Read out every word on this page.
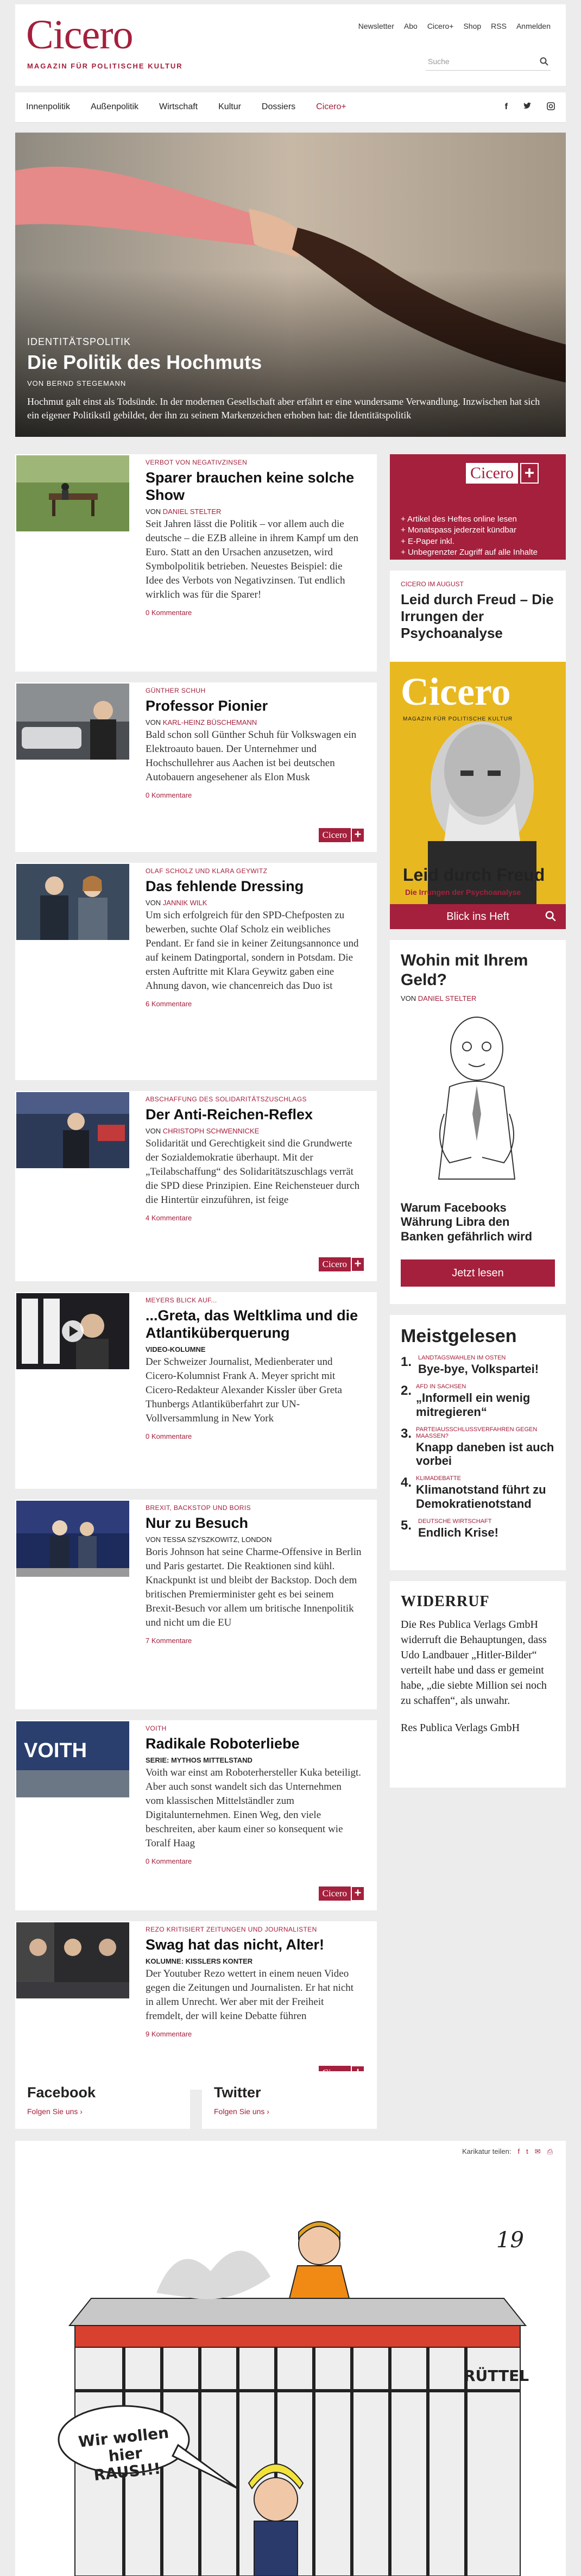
Cicero
MAGAZIN FÜR POLITISCHE KULTUR
Newsletter Abo Cicero+ Shop RSS Anmelden
Suche
Innenpolitik Außenpolitik Wirtschaft Kultur Dossiers Cicero+	f
IDENTITÄTSPOLITIK
Die Politik des Hochmuts
VON BERND STEGEMANN

Hochmut galt einst als Todsünde. In der modernen Gesellschaft aber erfährt er eine wundersame Verwandlung. Inzwischen hat sich ein eigener Politikstil gebildet, der ihn zu seinem Markenzeichen erhoben hat: die Identitätspolitik

VERBOT VON NEGATIVZINSEN
Sparer brauchen keine solche Show
VON DANIEL STELTER
Seit Jahren lässt die Politik – vor allem auch die deutsche – die EZB alleine in ihrem Kampf um den Euro. Statt an den Ursachen anzusetzen, wird Symbolpolitik betrieben. Neuestes Beispiel: die Idee des Verbots von Negativzinsen. Tut endlich wirklich was für die Sparer!
0 Kommentare
GÜNTHER SCHUH
Professor Pionier
VON KARL-HEINZ BÜSCHEMANN
Bald schon soll Günther Schuh für Volkswagen ein Elektroauto bauen. Der Unternehmer und Hochschullehrer aus Aachen ist bei deutschen Autobauern angesehener als Elon Musk
0 Kommentare
Cicero +
OLAF SCHOLZ UND KLARA GEYWITZ
Das fehlende Dressing
VON JANNIK WILK
Um sich erfolgreich für den SPD-Chefposten zu bewerben, suchte Olaf Scholz ein weibliches Pendant. Er fand sie in keiner Zeitungsannonce und auf keinem Datingportal, sondern in Potsdam. Die ersten Auftritte mit Klara Geywitz gaben eine Ahnung davon, wie chancenreich das Duo ist
6 Kommentare
ABSCHAFFUNG DES SOLIDARITÄTSZUSCHLAGS
Der Anti-Reichen-Reflex
VON CHRISTOPH SCHWENNICKE
Solidarität und Gerechtigkeit sind die Grundwerte der Sozialdemokratie überhaupt. Mit der „Teilabschaffung“ des Solidaritätszuschlags verrät die SPD diese Prinzipien. Eine Reichensteuer durch die Hintertür einzuführen, ist feige
4 Kommentare
Cicero +
MEYERS BLICK AUF...
...Greta, das Weltklima und die Atlantiküberquerung
VIDEO-KOLUMNE
Der Schweizer Journalist, Medienberater und Cicero-Kolumnist Frank A. Meyer spricht mit Cicero-Redakteur Alexander Kissler über Greta Thunbergs Atlantiküberfahrt zur UN-Vollversammlung in New York
0 Kommentare
BREXIT, BACKSTOP UND BORIS
Nur zu Besuch
VON TESSA SZYSZKOWITZ, LONDON
Boris Johnson hat seine Charme-Offensive in Berlin und Paris gestartet. Die Reaktionen sind kühl. Knackpunkt ist und bleibt der Backstop. Doch dem britischen Premierminister geht es bei seinem Brexit-Besuch vor allem um britische Innenpolitik und nicht um die EU
7 Kommentare
VOITH
VOITH
Radikale Roboterliebe
SERIE: MYTHOS MITTELSTAND
Voith war einst am Roboterhersteller Kuka beteiligt. Aber auch sonst wandelt sich das Unternehmen vom klassischen Mittelständler zum Digitalunternehmen. Einen Weg, den viele beschreiten, aber kaum einer so konsequent wie Toralf Haag
0 Kommentare
Cicero +
REZO KRITISIERT ZEITUNGEN UND JOURNALISTEN
Swag hat das nicht, Alter!
KOLUMNE: KISSLERS KONTER
Der Youtuber Rezo wettert in einem neuen Video gegen die Zeitungen und Journalisten. Er hat nicht in allem Unrecht. Wer aber mit der Freiheit fremdelt, der will keine Debatte führen
9 Kommentare
Cicero +
+ Artikel des Heftes online lesen
+ Monatspass jederzeit kündbar
+ E-Paper inkl.
+ Unbegrenzter Zugriff auf alle Inhalte
CICERO IM AUGUST
Leid durch Freud – Die Irrungen der Psychoanalyse
Cicero
MAGAZIN FÜR POLITISCHE KULTUR
Leid durch Freud
Die Irrungen der Psychoanalyse
Blick ins Heft
Wohin mit Ihrem Geld?
VON DANIEL STELTER
Warum Facebooks Währung Libra den Banken gefährlich wird
Jetzt lesen
Meistgelesen
1.	LANDTAGSWAHLEN IM OSTEN
Bye-bye, Volkspartei!
2. AFD IN SACHSEN
„Informell ein wenig mitregieren“
3. PARTEIAUSSCHLUSSVERFAHREN GEGEN MAASSEN?
Knapp daneben ist auch vorbei
4. KLIMADEBATTE
Klimanotstand führt zu Demokratienotstand
5.	DEUTSCHE WIRTSCHAFT
Endlich Krise!
WIDERRUF
Die Res Publica Verlags GmbH widerruft die Behauptungen, dass Udo Landbauer „Hitler-Bilder“ verteilt habe und dass er gemeint habe, „die siebte Million sei noch zu schaffen“, als unwahr.
Res Publica Verlags GmbH
Facebook
Folgen Sie uns ›
Twitter
Folgen Sie uns ›
Karikatur teilen: f t ✉ ⎙
Wir wollen hier RAUS!!!
RÜTTEL
19
